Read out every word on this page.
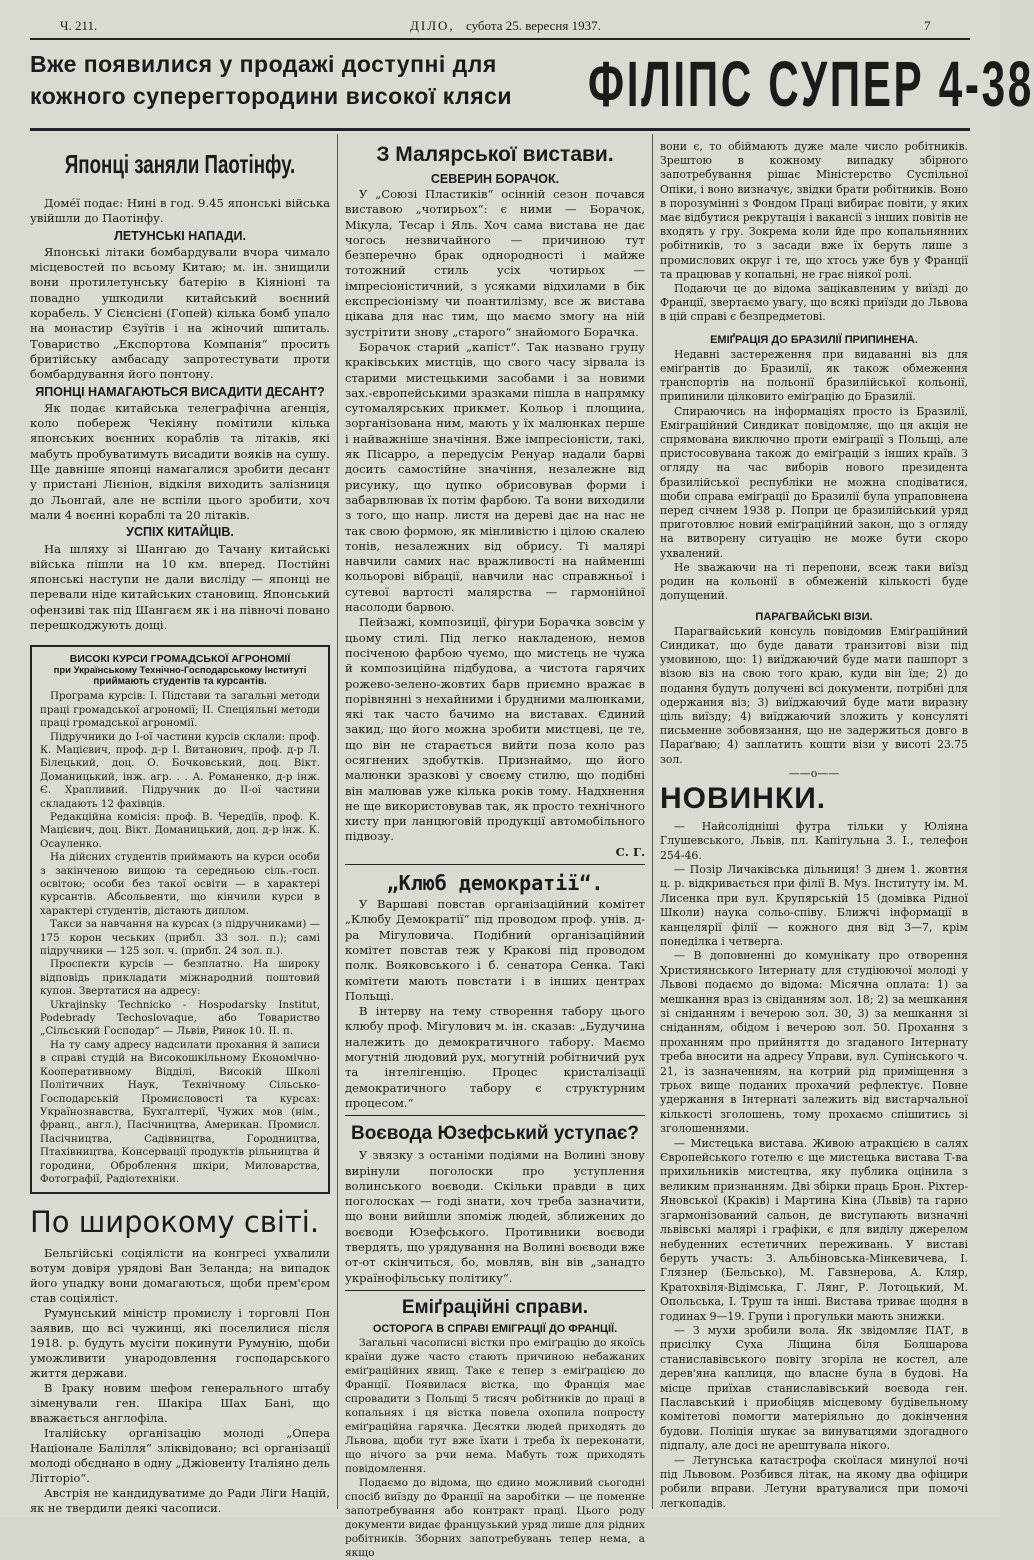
Ч. 211.	ДІЛО, субота 25. вересня 1937.	7
Вже появилися у продажі доступні для
кожного суперегтородини високої кляси	ФІЛІПС СУПЕР 4-38
Японці заняли Паотінфу.

Доме́ї подає: Нині в год. 9.45 японські війська увійшли до Паотінфу.

ЛЕТУНСЬКІ НАПАДИ.

Японські літаки бомбардували вчора чимало місцевостей по всьому Китаю; м. ін. знищили вони протилетунську батерію в Кіяніоні та повадно ушкодили китайський воєнний корабель. У Сієнсієні (Гопей) кілька бомб упало на монастир Єзуїтів і на жіночий шпиталь. Товариство „Експортова Компанія“ просить бритійську амбасаду запротестувати проти бомбардування його понтону.

ЯПОНЦІ НАМАГАЮТЬСЯ ВИСАДИТИ ДЕСАНТ?

Як подає китайська телеграфічна агенція, коло побереж Чекіяну помітили кілька японських воєнних кораблів та літаків, які мабуть пробуватимуть висадити вояків на сушу. Ще давніше японці намагалися зробити десант у пристані Лієніон, відкіля виходить залізниця до Льонгай, але не вспіли цього зробити, хоч мали 4 воєнні кораблі та 20 літаків.

УСПІХ КИТАЙЦІВ.

На шляху зі Шангаю до Тачану китайські війська пішли на 10 км. вперед. Постійні японські наступи не дали висліду — японці не перевали ніде китайських становищ. Японський офензиві так під Шангаєм як і на півночі повано перешкоджують дощі.

ВИСОКІ КУРСИ ГРОМАДСЬКОЇ АГРОНОМІЇ
при Українському Технічно-Господарському Інституті
приймають студентів та курсантів.

Програма курсів: I. Підстави та загальні методи праці громадської агрономії; II. Спеціяльні методи праці громадської агрономії.

Підручники до I-ої частини курсів склали: проф. К. Мацієвич, проф. д-р І. Витанович, проф. д-р Л. Білецький, доц. О. Бочковський, доц. Вікт. Доманицький, інж. агр. . . А. Романенко, д-р інж. Є. Храпливий. Підручник до II-ої частини складають 12 фахівців.

Редакційна комісія: проф. В. Чередіїв, проф. К. Мацієвич, доц. Вікт. Доманицький, доц. д-р інж. К. Осауленко.

На дійсних студентів приймають на курси особи з закінченою вищою та середньою сіль.-госп. освітою; особи без такої освіти — в характері курсантів. Абсольвенти, що кінчили курси в характері студентів, дістають диплом.

Такси за навчання на курсах (з підручниками) — 175 корон чеських (прибл. 33 зол. п.); самі підручники — 125 зол. ч. (прибл. 24 зол. п.).

Проспекти курсів — безплатно. На широку відповідь прикладати міжнародний поштовий купон. Звертатися на адресу:

Ukrajinsky Technicko - Hospodarsky Institut, Podebrady Techoslovaque, або Товариство „Сільський Господар“ — Львів, Ринок 10. II. п.

На ту саму адресу надсилати прохання й записи в справі студій на Високошкільному Економічно-Кооперативному Відділі, Високій Школі Політичних Наук, Технічному Сільсько-Господарській Промисловості та курсах: Українознавства, Бухгалтерії, Чужих мов (нім., франц., англ.), Пасічництва, Американ. Промисл. Пасічництва, Садівництва, Городництва, Птахівництва, Консервації продуктів рільництва й городини, Оброблення шкіри, Миловарства, Фотографії, Радіотехніки.

По широкому світі.

Бельгійські соціялісти на конгресі ухвалили вотум довіря урядові Ван Зеланда; на випадок його упадку вони домагаються, щоби прем'єром став соціяліст.

Румунський міністр промислу і торговлі Пон заявив, що всі чужинці, які поселилися після 1918. р. будуть мусіти покинути Румунію, щоби уможливити ународовлення господарського життя держави.

В Іраку новим шефом генерального штабу зіменували ген. Шакіра Шах Бані, що вважається англофіла.

Італійську організацію молоді „Опера Націонале Балілля“ зліквідовано; всі організації молоді обєднано в одну „Джіовенту Італіяно дель Літторіо“.

Австрія не кандидуватиме до Ради Ліги Націй, як не твердили деякі часописи.

З Малярської вистави.
СЕВЕРИН БОРАЧОК.

У „Союзі Пластиків“ осінній сезон почався виставою „чотирьох“: є ними — Борачок, Мікула, Тесар і Яль. Хоч сама вистава не дає чогось незвичайного — причиною тут безперечно брак однородності і майже тотожний стиль усіх чотирьох — імпресіоністичний, з усяками відхилами в бік експресіонізму чи поантилізму, все ж вистава цікава для нас тим, що маємо змогу на ній зустрітити знову „старого“ знайомого Борачка.

Борачок старий „капіст“. Так названо групу краківських мистців, що свого часу зірвала із старими мистецькими засобами і за новими зах.-європейськими зразками пішла в напрямку сутомалярських прикмет. Кольор і площина, зорганізована ним, мають у їх малюнках перше і найважніше значіння. Вже імпресіоністи, такі, як Пісарро, а передусім Ренуар надали барві досить самостійне значіння, незалежне від рисунку, що цупко обрисовував форми і забарвлював їх потім фарбою. Та вони виходили з того, що напр. листя на дереві дає на нас не так свою формою, як мінливістю і цілою скалею тонів, незалежних від обрису. Ті малярі навчили самих нас вражливості на найменші кольорові вібрації, навчили нас справжньої і сутевої вартості малярства — гармонійної насолоди барвою.

Пейзажі, композиції, фігури Борачка зовсім у цьому стилі. Під легко накладеною, немов посіченою фарбою чуємо, що мистець не чужа й композиційна підбудова, а чистота гарячих рожево-зелено-жовтих барв приємно вражає в порівнянні з нехайними і брудними малюнками, які так часто бачимо на виставах. Єдиний закид, що його можна зробити мистцеві, це те, що він не старається вийти поза коло раз осягнених здобутків. Признаймо, що його малюнки зразкові у своєму стилю, що подібні він малював уже кілька років тому. Надхнення не ще використовував так, як просто технічного хисту при ланцюговій продукції автомобільного підвозу.

С. Г.
„Клюб демократії“.

У Варшаві повстав організаційний комітет „Клюбу Демократії“ під проводом проф. унів. д-ра Мігуловича. Подібний організаційний комітет повстав теж у Кракові під проводом полк. Вояковського і б. сенатора Сенка. Такі комітети мають повстати і в інших центрах Польщі.

В інтерву на тему створення табору цього клюбу проф. Мігулович м. ін. сказав: „Будучина належить до демократичного табору. Маємо могутній людовий рух, могутній робітничий рух та інтелігенцію. Процес кристалізації демократичного табору є структурним процесом.“

Воєвода Юзефський уступає?

У звязку з останіми подіями на Волині знову вирінули поголоски про уступлення волинського воєводи. Скільки правди в цих поголосках — годі знати, хоч треба зазначити, що вони вийшли зпоміж людей, зближених до воєводи Юзефського. Противники воєводи твердять, що урядування на Волині воєводи вже от-от скінчиться, бо, мовляв, він вів „занадто українофільську політику“.

Еміґраційні справи.
ОСТОРОГА В СПРАВІ ЕМІГРАЦІЇ ДО ФРАНЦІЇ.

Загальні часописні вістки про еміґрацію до якоїсь країни дуже часто стають причиною небажаних еміґраційних явищ. Таке є тепер з еміґрацією до Франції. Появилася вістка, що Франція має спровадити з Польщі 5 тисяч робітників до праці в копальнях і ця вістка повела охопила попросту еміґраційна гарячка. Десятки людей приходять до Львова, щоби тут вже їхати і треба їх переконати, що нічого за рчи нема. Мабуть тож приходять повідомлення.

Подаємо до відома, що єдино можливий сьогодні спосіб виїзду до Франції на заробітки — це поменне запотребування або контракт праці. Цього роду документи видає французький уряд лише для рідних робітників. Зборних запотребувань тепер нема, а якщо

вони є, то обіймають дуже мале число робітників. Зрештою в кожному випадку збірного запотребування рішає Міністерство Суспільної Опіки, і воно визначує, звідки брати робітників. Воно в порозумінні з Фондом Праці вибирає повіти, у яких має відбутися рекрутація і вакансії з інших повітів не входять у гру. Зокрема коли йде про копальнянних робітників, то з засади вже їх беруть лише з промислових округ і те, що хтось уже був у Франції та працював у копальні, не грає ніякої ролі.

Подаючи це до відома зацікавленим у виїзді до Франції, звертаємо увагу, що всякі приїзди до Львова в цій справі є безпредметові.

ЕМІҐРАЦІЯ ДО БРАЗИЛІЇ ПРИПИНЕНА.

Недавні застереження при видаванні віз для еміґрантів до Бразилії, як також обмеження транспортів на польонії бразилійської кольонії, припинили цілковито еміґрацію до Бразилії.

Спираючись на інформаціях просто із Бразилії, Еміграційний Синдикат повідомляє, що ця акція не спрямована виключно проти еміґрації з Польщі, але пристосовувана також до еміґрацій з інших країв. З огляду на час виборів нового президента бразилійської республіки не можна сподіватися, щоби справа еміґрації до Бразилії була упраповнена перед січнем 1938 р. Попри це бразилійський уряд приготовлює новий еміґраційний закон, що з огляду на витворену ситуацію не може бути скоро ухвалений.

Не зважаючи на ті перепони, всеж таки виїзд родин на кольонії в обмеженій кількості буде допущений.

ПАРАГВАЙСЬКІ ВІЗИ.

Парагвайський консуль повідомив Еміґраційний Синдикат, що буде давати транзитові візи під умовиною, що: 1) виїджаючий буде мати пашпорт з візою віз на свою того краю, куди він їде; 2) до подання будуть долучені всі документи, потрібні для одержання віз; 3) виїджаючий буде мати виразну ціль виїзду; 4) виїджаючий зложить у консуляті письменне зобовязання, що не задержиться довго в Параґваю; 4) заплатить кошти візи у висоті 23.75 зол.

——o——
НОВИНКИ.

— Найсолідніші футра тільки у Юліяна Глушевського, Львів, пл. Капітульна 3. I., телефон 254-46.

— Позір Личаківська дільниця! З днем 1. жовтня ц. р. відкривається при філії В. Муз. Інституту ім. М. Лисенка при вул. Крупярській 15 (домівка Рідної Школи) наука сольо-співу. Ближчі інформації в канцелярії філії — кожного дня від 3—7, крім понеділка і четверга.

— В доповненні до комунікату про отворення Християнського Інтернату для студіюючої молоді у Львові подаємо до відома: Місячна оплата: 1) за мешкання враз із сніданням зол. 18; 2) за мешкання зі сніданням і вечерою зол. 30, 3) за мешкання зі сніданням, обідом і вечерою зол. 50. Прохання з проханням про прийняття до згаданого Інтернату треба вносити на адресу Управи, вул. Супінського ч. 21, із зазначенням, на котрий рід приміщення з трьох вище поданих прохачий рефлектує. Повне удержання в Інтернаті залежить від вистарчальної кількості зголошень, тому прохаємо спішитись зі зголошеннями.

— Мистецька вистава. Живою атракцією в салях Європейського готелю є ще мистецька вистава Т-ва прихильників мистецтва, яку публика оцінила з великим признанням. Дві збірки праць Брон. Ріхтер-Яновської (Краків) і Мартина Кіна (Львів) та гарно згармонізований сальон, де виступають визначні львівські малярі і графіки, є для виділу джерелом небуденних естетичних переживань. У виставі беруть участь: З. Альбіновська-Мінкевичева, І. Глязнер (Бельсько), М. Гавзнерова, А. Кляр, Кратохвіля-Відімська, Г. Лянг, Р. Лотоцький, М. Опольська, І. Труш та інші. Вистава триває щодня в годинах 9—19. Групи і прогульки мають знижки.

— З мухи зробили вола. Як звідомляє ПАТ, в присілку Суха Ліщина біля Болшарова станиславівського повіту згоріла не костел, але дерев'яна каплиця, що власне була в будові. На місце приїхав станиславівський воєвода ген. Паславський і приобіцяв місцевому будівельному комітетові помогти матеріяльно до докінчення будови. Поліція шукає за винуватцями здогадного підпалу, але досі не арештувала нікого.

— Летунська катастрофа скоїлася минулої ночі під Львовом. Розбився літак, на якому два офіцири робили вправи. Летуни вратувалися при помочі легкопадів.
